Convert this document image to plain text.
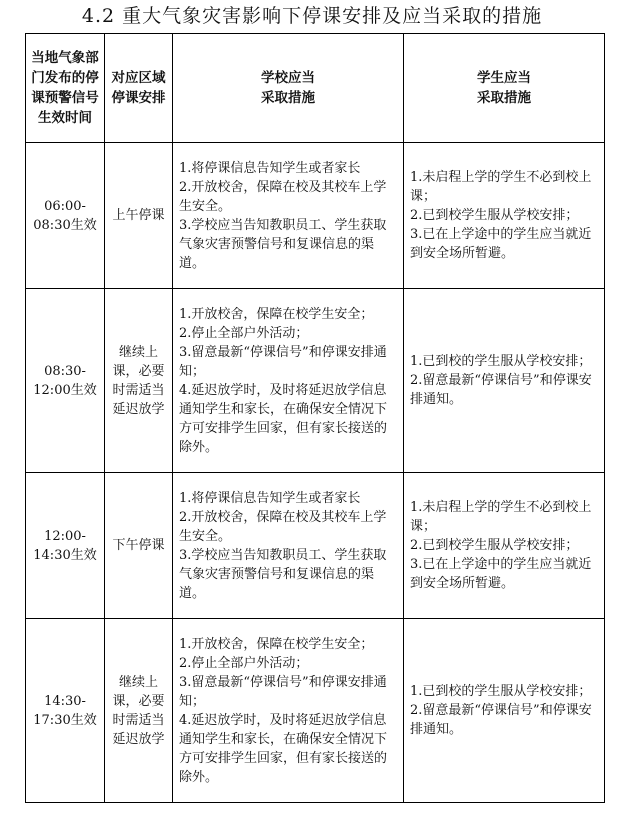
4.2 重大气象灾害影响下停课安排及应当采取的措施
当地气象部门发布的停课预警信号生效时间	对应区域停课安排	学校应当
采取措施	学生应当
采取措施
06:00-08:30生效	上午停课	1.将停课信息告知学生或者家长
2.开放校舍，保障在校及其校车上学生安全。
3.学校应当告知教职员工、学生获取气象灾害预警信号和复课信息的渠道。	1.未启程上学的学生不必到校上课；
2.已到校学生服从学校安排；
3.已在上学途中的学生应当就近到安全场所暂避。

08:30-12:00生效	继续上课，必要时需适当延迟放学	1.开放校舍，保障在校学生安全；
2.停止全部户外活动；
3.留意最新“停课信号”和停课安排通知；
4.延迟放学时，及时将延迟放学信息通知学生和家长，在确保安全情况下方可安排学生回家，但有家长接送的除外。	1.已到校的学生服从学校安排；
2.留意最新“停课信号”和停课安排通知。

12:00-14:30生效	下午停课	1.将停课信息告知学生或者家长
2.开放校舍，保障在校及其校车上学生安全。
3.学校应当告知教职员工、学生获取气象灾害预警信号和复课信息的渠道。	1.未启程上学的学生不必到校上课；
2.已到校学生服从学校安排；
3.已在上学途中的学生应当就近到安全场所暂避。

14:30-17:30生效	继续上课，必要时需适当延迟放学	1.开放校舍，保障在校学生安全；
2.停止全部户外活动；
3.留意最新“停课信号”和停课安排通知；
4.延迟放学时，及时将延迟放学信息通知学生和家长，在确保安全情况下方可安排学生回家，但有家长接送的除外。	1.已到校的学生服从学校安排；
2.留意最新“停课信号”和停课安排通知。
